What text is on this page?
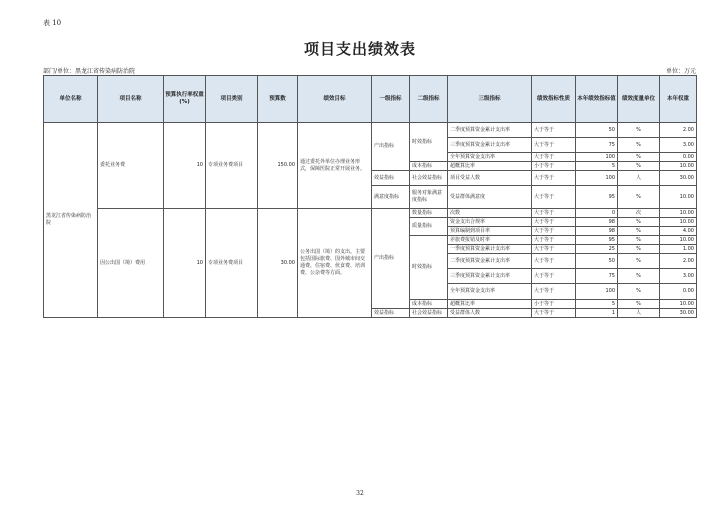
表 10
项目支出绩效表
部门/单位：黑龙江省传染病防治院	单位：万元
单位名称	项目名称	预算执行率权重(%)	项目类别	预算数	绩效目标	一级指标	二级指标	三级指标	绩效指标性质	本年绩效指标值	绩效度量单位	本年权重
黑龙江省传染病防治院	委托业务费	10	专项业务费项目	150.00	通过委托外单位办理业务形式，保障医院正常开展业务。	产出指标	时效指标	二季度预算资金累计支出率	大于等于	50	%	2.00
								三季度预算资金累计支出率	大于等于	75	%	3.00
								全年预算资金支出率	大于等于	100	%	0.00
							成本指标	超概算比率	小于等于	5	%	10.00
						效益指标	社会效益指标	项目受益人数	大于等于	100	人	30.00
						满意度指标	服务对象满意度指标	受益群体满意度	大于等于	95	%	10.00
	因公出国（境）费用	10	专项业务费项目	30.00	公务出国（境）的支出。主要包括国际旅费、国外城市间交通费、住宿费、伙食费、培训费、公杂费等方面。	产出指标	数量指标	次数	大于等于	0	次	10.00
							质量指标	资金支出合规率	大于等于	98	%	10.00
								预算编制到项目率	大于等于	98	%	4.00
							时效指标	差旅费报销及时率	大于等于	95	%	10.00
								一季度预算资金累计支出率	大于等于	25	%	1.00
								二季度预算资金累计支出率	大于等于	50	%	2.00
								三季度预算资金累计支出率	大于等于	75	%	3.00
								全年预算资金支出率	大于等于	100	%	0.00
							成本指标	超概算比率	小于等于	5	%	10.00
						效益指标	社会效益指标	受益群体人数	大于等于	1	人	30.00
32
